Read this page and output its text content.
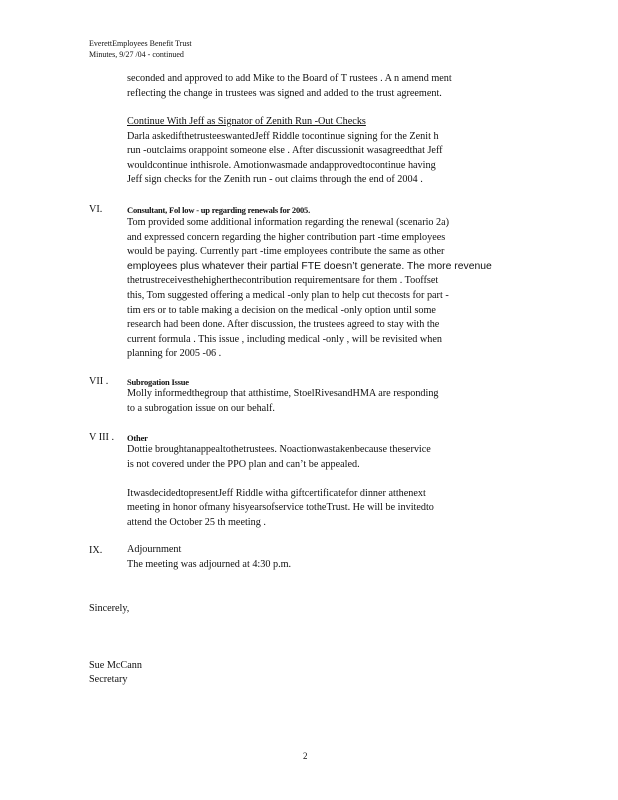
EverettEmployees Benefit Trust
Minutes, 9/27 /04 - continued
seconded and approved to add Mike to the Board of T rustees . A n amend ment
reflecting the change in trustees was signed and added to the trust agreement.
Continue With Jeff as Signator of Zenith Run -Out Checks
Darla askedifthetrusteeswantedJeff Riddle tocontinue signing for the Zenit h
run -outclaims orappoint someone else . After discussionit wasagreedthat Jeff
wouldcontinue inthisrole. Amotionwasmade andapprovedtocontinue having
Jeff sign checks for the Zenith run - out claims through the end of 2004 .
VI.	Consultant, Fol low - up regarding renewals for 2005.
Tom provided some additional information regarding the renewal (scenario 2a)
and expressed concern regarding the higher contribution part -time employees
would be paying. Currently part -time employees contribute the same as other
employees plus whatever their partial FTE doesn’t generate. The more revenue
thetrustreceivesthehigherthecontribution requirementsare for them . Tooffset
this, Tom suggested offering a medical -only plan to help cut thecosts for part -
tim ers or to table making a decision on the medical -only option until some
research had been done. After discussion, the trustees agreed to stay with the
current formula . This issue , including medical -only , will be revisited when
planning for 2005 -06 .
VII . Subrogation Issue
Molly informedthegroup that atthistime, StoelRivesandHMA are responding
to a subrogation issue on our behalf.
V III . Other
Dottie broughtanappealtothetrustees. Noactionwastakenbecause theservice
is not covered under the PPO plan and can’t be appealed.
ItwasdecidedtopresentJeff Riddle witha giftcertificatefor dinner atthenext
meeting in honor ofmany hisyearsofservice totheTrust. He will be invitedto
attend the October 25 th meeting .
IX. Adjournment
The meeting was adjourned at 4:30 p.m.
Sincerely,
Sue McCann
Secretary
2
